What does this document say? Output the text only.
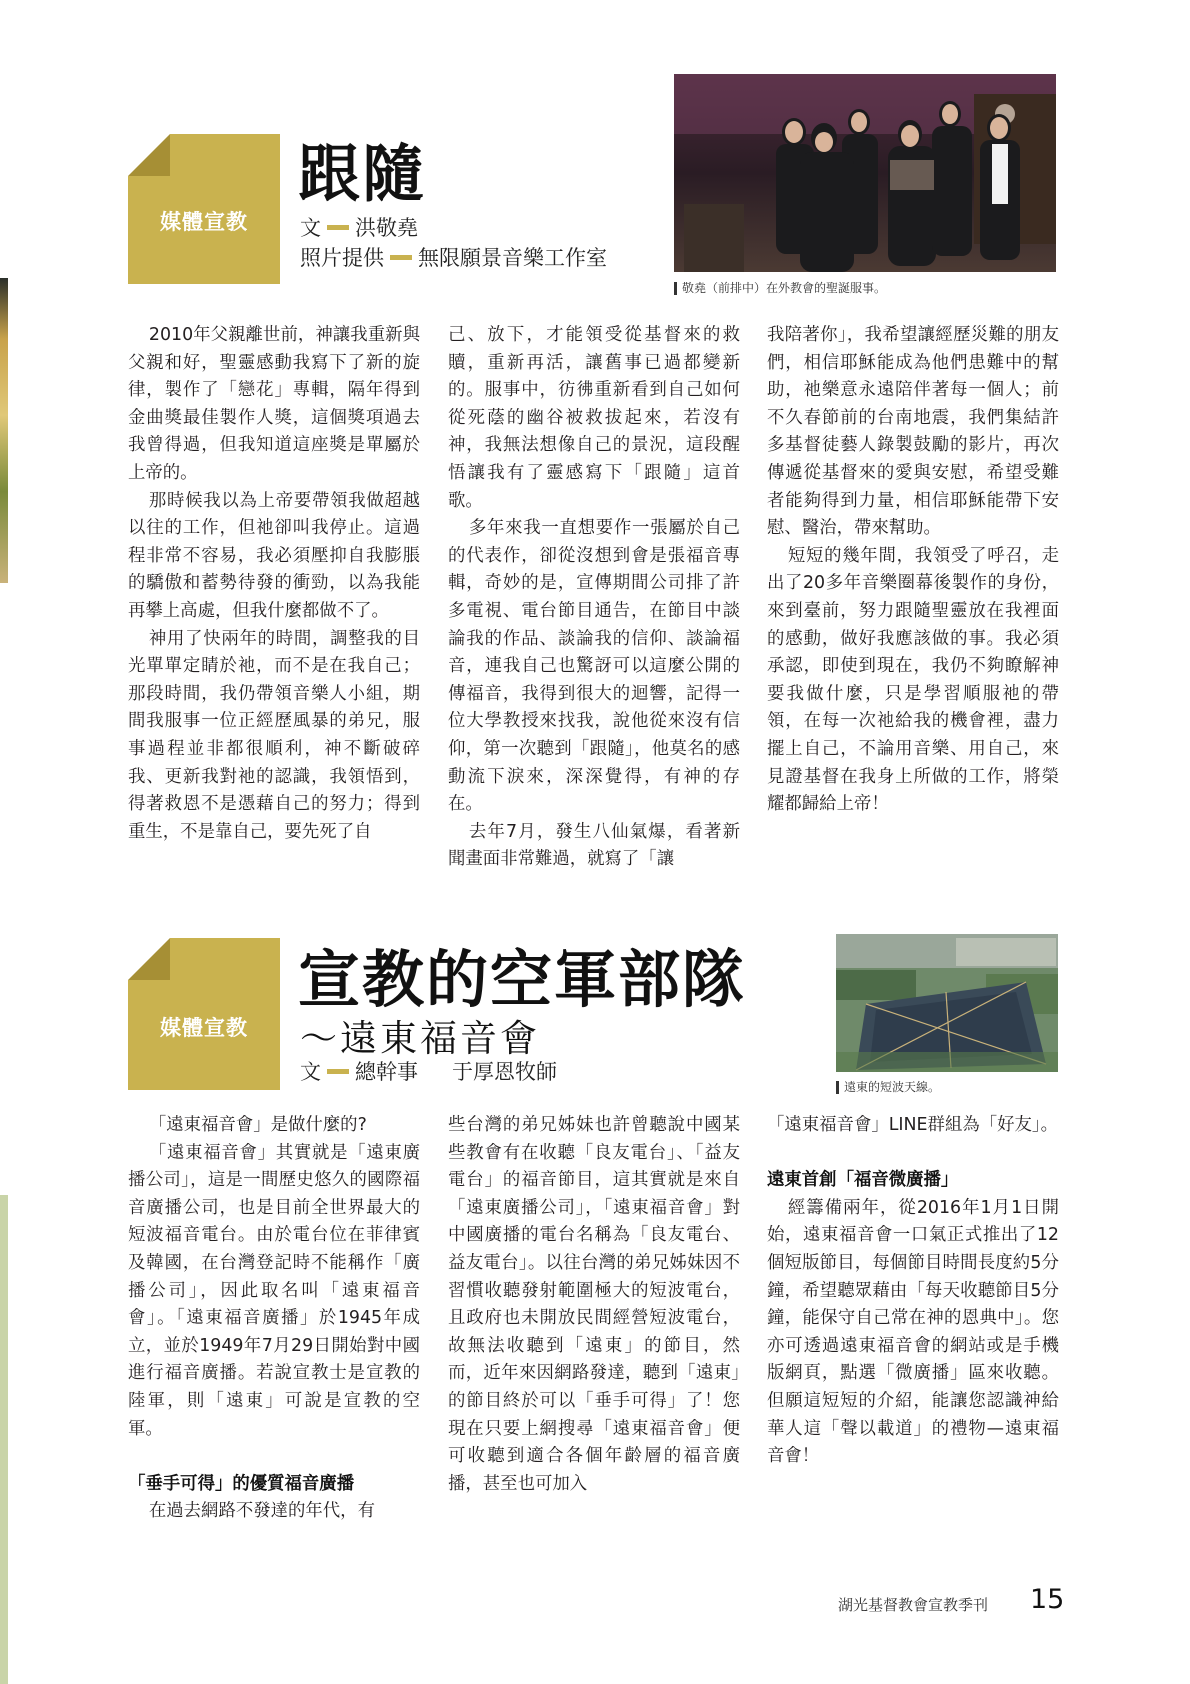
媒體宣教
跟隨
文 洪敬堯
照片提供 無限願景音樂工作室
敬堯（前排中）在外教會的聖誕服事。

2010年父親離世前，神讓我重新與父親和好，聖靈感動我寫下了新的旋律，製作了「戀花」專輯，隔年得到金曲獎最佳製作人獎，這個獎項過去我曾得過，但我知道這座獎是單屬於上帝的。

那時候我以為上帝要帶領我做超越以往的工作，但祂卻叫我停止。這過程非常不容易，我必須壓抑自我膨脹的驕傲和蓄勢待發的衝勁，以為我能再攀上高處，但我什麼都做不了。

神用了快兩年的時間，調整我的目光單單定睛於祂，而不是在我自己；那段時間，我仍帶領音樂人小組，期間我服事一位正經歷風暴的弟兄，服事過程並非都很順利，神不斷破碎我、更新我對祂的認識，我領悟到，得著救恩不是憑藉自己的努力；得到重生，不是靠自己，要先死了自

己、放下，才能領受從基督來的救贖，重新再活，讓舊事已過都變新的。服事中，彷彿重新看到自己如何從死蔭的幽谷被救拔起來，若沒有神，我無法想像自己的景況，這段醒悟讓我有了靈感寫下「跟隨」這首歌。

多年來我一直想要作一張屬於自己的代表作，卻從沒想到會是張福音專輯，奇妙的是，宣傳期間公司排了許多電視、電台節目通告，在節目中談論我的作品、談論我的信仰、談論福音，連我自己也驚訝可以這麼公開的傳福音，我得到很大的迴響，記得一位大學教授來找我，說他從來沒有信仰，第一次聽到「跟隨」，他莫名的感動流下淚來，深深覺得，有神的存在。

去年7月，發生八仙氣爆，看著新聞畫面非常難過，就寫了「讓

我陪著你」，我希望讓經歷災難的朋友們，相信耶穌能成為他們患難中的幫助，祂樂意永遠陪伴著每一個人；前不久春節前的台南地震，我們集結許多基督徒藝人錄製鼓勵的影片，再次傳遞從基督來的愛與安慰，希望受難者能夠得到力量，相信耶穌能帶下安慰、醫治，帶來幫助。

短短的幾年間，我領受了呼召，走出了20多年音樂圈幕後製作的身份，來到臺前，努力跟隨聖靈放在我裡面的感動，做好我應該做的事。我必須承認，即使到現在，我仍不夠瞭解神要我做什麼，只是學習順服祂的帶領，在每一次祂給我的機會裡，盡力擺上自己，不論用音樂、用自己，來見證基督在我身上所做的工作，將榮耀都歸給上帝！

媒體宣教
宣教的空軍部隊
～遠東福音會
文 總幹事 于厚恩牧師
遠東的短波天線。

「遠東福音會」是做什麼的?

「遠東福音會」其實就是「遠東廣播公司」，這是一間歷史悠久的國際福音廣播公司，也是目前全世界最大的短波福音電台。由於電台位在菲律賓及韓國，在台灣登記時不能稱作「廣播公司」，因此取名叫「遠東福音會」。「遠東福音廣播」於1945年成立，並於1949年7月29日開始對中國進行福音廣播。若說宣教士是宣教的陸軍，則「遠東」可說是宣教的空軍。

「垂手可得」的優質福音廣播

在過去網路不發達的年代，有

些台灣的弟兄姊妹也許曾聽說中國某些教會有在收聽「良友電台」、「益友電台」的福音節目，這其實就是來自「遠東廣播公司」，「遠東福音會」對中國廣播的電台名稱為「良友電台、益友電台」。以往台灣的弟兄姊妹因不習慣收聽發射範圍極大的短波電台，且政府也未開放民間經營短波電台，故無法收聽到「遠東」的節目，然而，近年來因網路發達，聽到「遠東」的節目終於可以「垂手可得」了！您現在只要上網搜尋「遠東福音會」便可收聽到適合各個年齡層的福音廣播，甚至也可加入

「遠東福音會」LINE群組為「好友」。

遠東首創「福音微廣播」

經籌備兩年，從2016年1月1日開始，遠東福音會一口氣正式推出了12個短版節目，每個節目時間長度約5分鐘，希望聽眾藉由「每天收聽節目5分鐘，能保守自己常在神的恩典中」。您亦可透過遠東福音會的網站或是手機版網頁，點選「微廣播」區來收聽。但願這短短的介紹，能讓您認識神給華人這「聲以載道」的禮物—遠東福音會！

湖光基督教會宣教季刊 15
